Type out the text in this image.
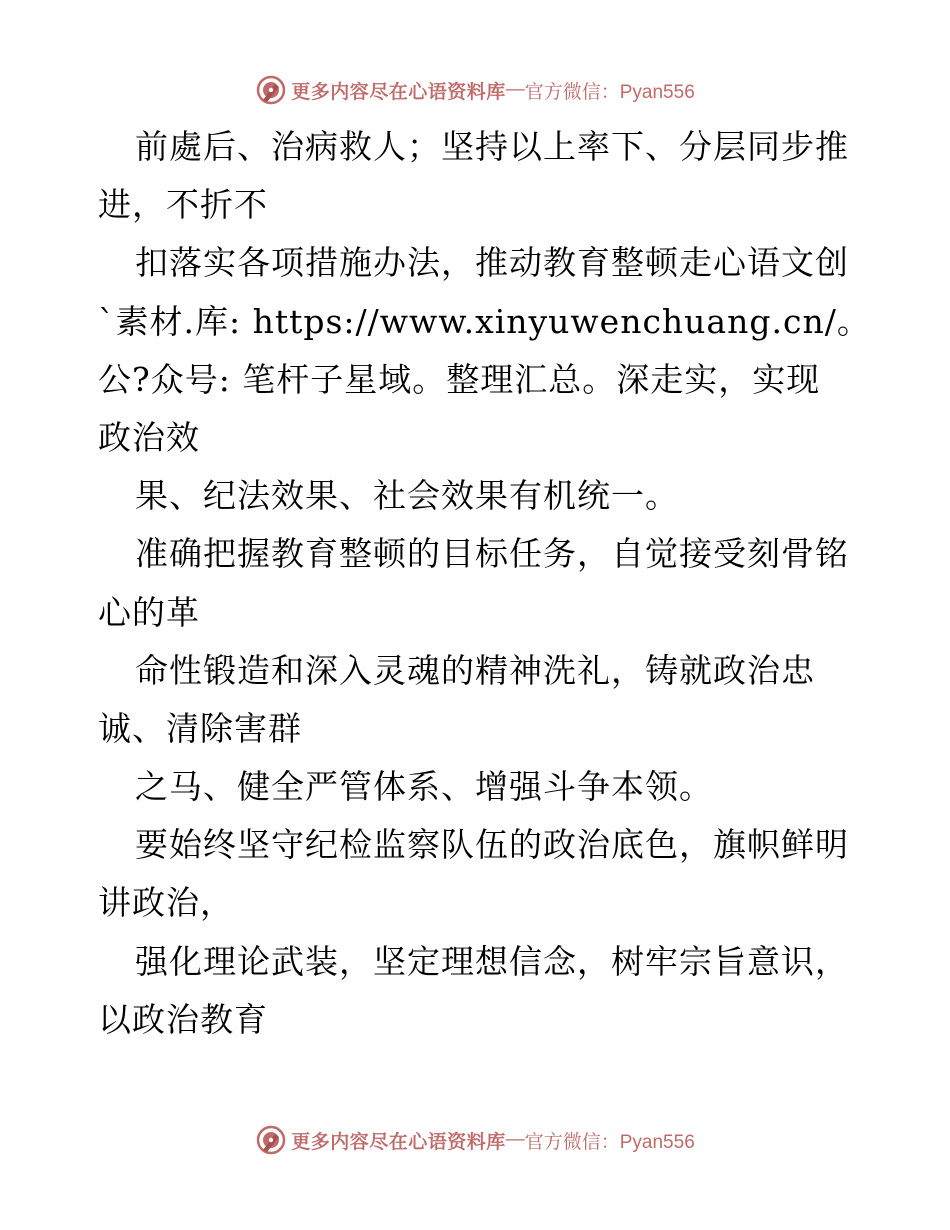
更多内容尽在心语资料库 — 官方微信：Pyan556
前處后、治病救人；坚持以上率下、分层同步推
进，不折不
扣落实各项措施办法，推动教育整顿走心语文创
`素材.库: https://www.xinyuwenchuang.cn/。
公?众号: 笔杆子星域。整理汇总。深走实，实现
政治效
果、纪法效果、社会效果有机统一。
准确把握教育整顿的目标任务，自觉接受刻骨铭
心的革
命性锻造和深入灵魂的精神洗礼，铸就政治忠
诚、清除害群
之马、健全严管体系、增强斗争本领。
要始终坚守纪检监察队伍的政治底色，旗帜鲜明
讲政治，
强化理论武装，坚定理想信念，树牢宗旨意识，
以政治教育
更多内容尽在心语资料库 — 官方微信：Pyan556
